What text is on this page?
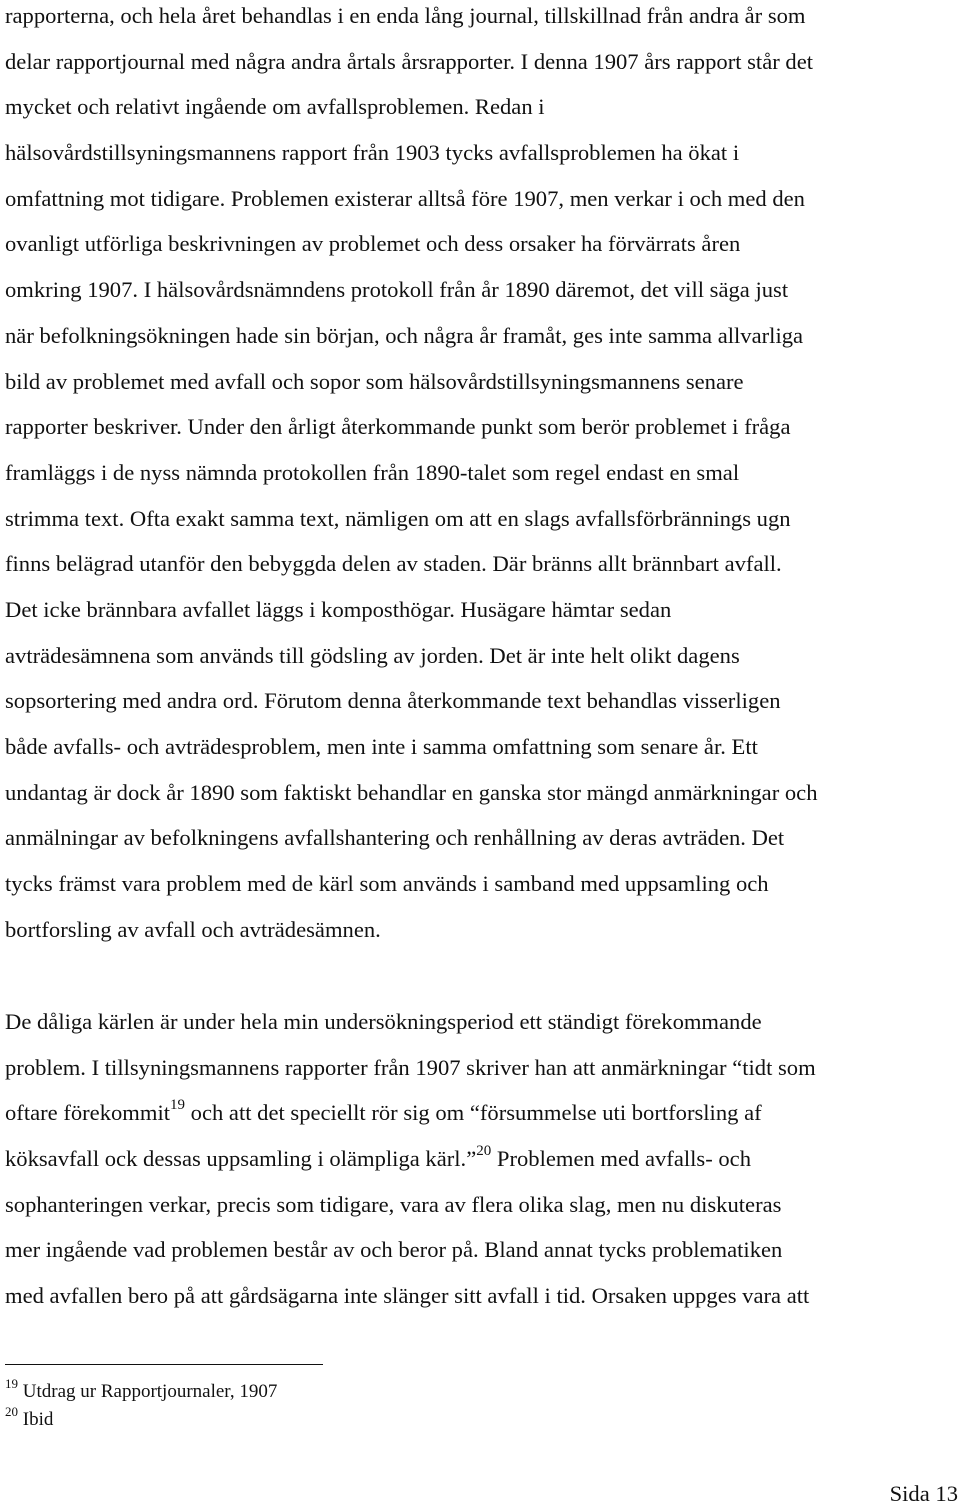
rapporterna, och hela året behandlas i en enda lång journal, tillskillnad från andra år som
delar rapportjournal med några andra årtals årsrapporter. I denna 1907 års rapport står det
mycket och relativt ingående om avfallsproblemen. Redan i
hälsovårdstillsyningsmannens rapport från 1903 tycks avfallsproblemen ha ökat i
omfattning mot tidigare. Problemen existerar alltså före 1907, men verkar i och med den
ovanligt utförliga beskrivningen av problemet och dess orsaker ha förvärrats åren
omkring 1907. I hälsovårdsnämndens protokoll från år 1890 däremot, det vill säga just
när befolkningsökningen hade sin början, och några år framåt, ges inte samma allvarliga
bild av problemet med avfall och sopor som hälsovårdstillsyningsmannens senare
rapporter beskriver. Under den årligt återkommande punkt som berör problemet i fråga
framläggs i de nyss nämnda protokollen från 1890-talet som regel endast en smal
strimma text. Ofta exakt samma text, nämligen om att en slags avfallsförbrännings ugn
finns belägrad utanför den bebyggda delen av staden. Där bränns allt brännbart avfall.
Det icke brännbara avfallet läggs i komposthögar. Husägare hämtar sedan
avträdesämnena som används till gödsling av jorden. Det är inte helt olikt dagens
sopsortering med andra ord. Förutom denna återkommande text behandlas visserligen
både avfalls- och avträdesproblem, men inte i samma omfattning som senare år. Ett
undantag är dock år 1890 som faktiskt behandlar en ganska stor mängd anmärkningar och
anmälningar av befolkningens avfallshantering och renhållning av deras avträden. Det
tycks främst vara problem med de kärl som används i samband med uppsamling och
bortforsling av avfall och avträdesämnen.

De dåliga kärlen är under hela min undersökningsperiod ett ständigt förekommande
problem. I tillsyningsmannens rapporter från 1907 skriver han att anmärkningar “tidt som
oftare förekommit$^{19}$ och att det speciellt rör sig om “försummelse uti bortforsling af
köksavfall ock dessas uppsamling i olämpliga kärl.”$^{20}$ Problemen med avfalls- och
sophanteringen verkar, precis som tidigare, vara av flera olika slag, men nu diskuteras
mer ingående vad problemen består av och beror på. Bland annat tycks problematiken
med avfallen bero på att gårdsägarna inte slänger sitt avfall i tid. Orsaken uppges vara att

$^{19}$ Utdrag ur Rapportjournaler, 1907
$^{20}$ Ibid
Sida 13
